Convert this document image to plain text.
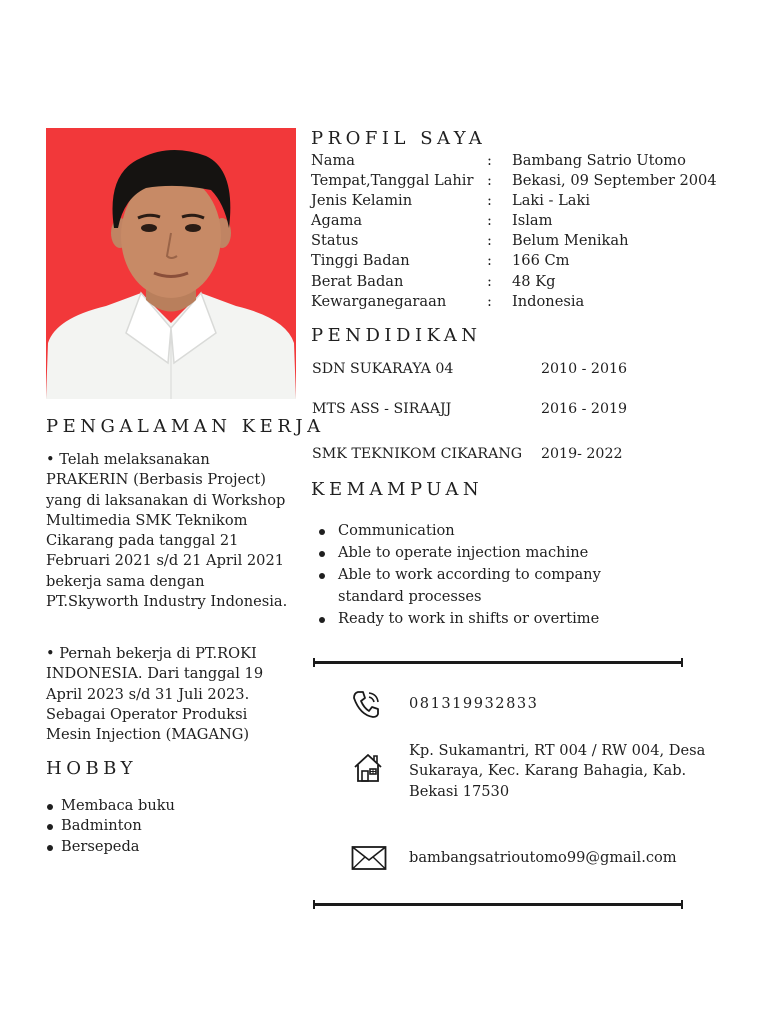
PENGALAMAN KERJA
• Telah melaksanakan PRAKERIN (Berbasis Project) yang di laksanakan di Workshop Multimedia SMK Teknikom Cikarang pada tanggal 21 Februari 2021 s/d 21 April 2021 bekerja sama dengan PT.Skyworth Industry Indonesia.
• Pernah bekerja di PT.ROKI INDONESIA. Dari tanggal 19 April 2023 s/d 31 Juli 2023. Sebagai Operator Produksi Mesin Injection (MAGANG)
HOBBY
Membaca buku
Badminton
Bersepeda
PROFIL SAYA
Nama	: Bambang Satrio Utomo
Tempat,Tanggal Lahir : Bekasi, 09 September 2004
Jenis Kelamin	: Laki - Laki
Agama	: Islam
Status	: Belum Menikah
Tinggi Badan	: 166 Cm
Berat Badan	: 48 Kg
Kewarganegaraan	: Indonesia
PENDIDIKAN
SDN SUKARAYA 04	2010 - 2016
MTS ASS - SIRAAJJ	2016 - 2019
SMK TEKNIKOM CIKARANG 2019- 2022
KEMAMPUAN
Communication
Able to operate injection machine
Able to work according to company standard processes
Ready to work in shifts or overtime
081319932833
Kp. Sukamantri, RT 004 / RW 004, Desa Sukaraya, Kec. Karang Bahagia, Kab. Bekasi 17530
bambangsatrioutomo99@gmail.com
